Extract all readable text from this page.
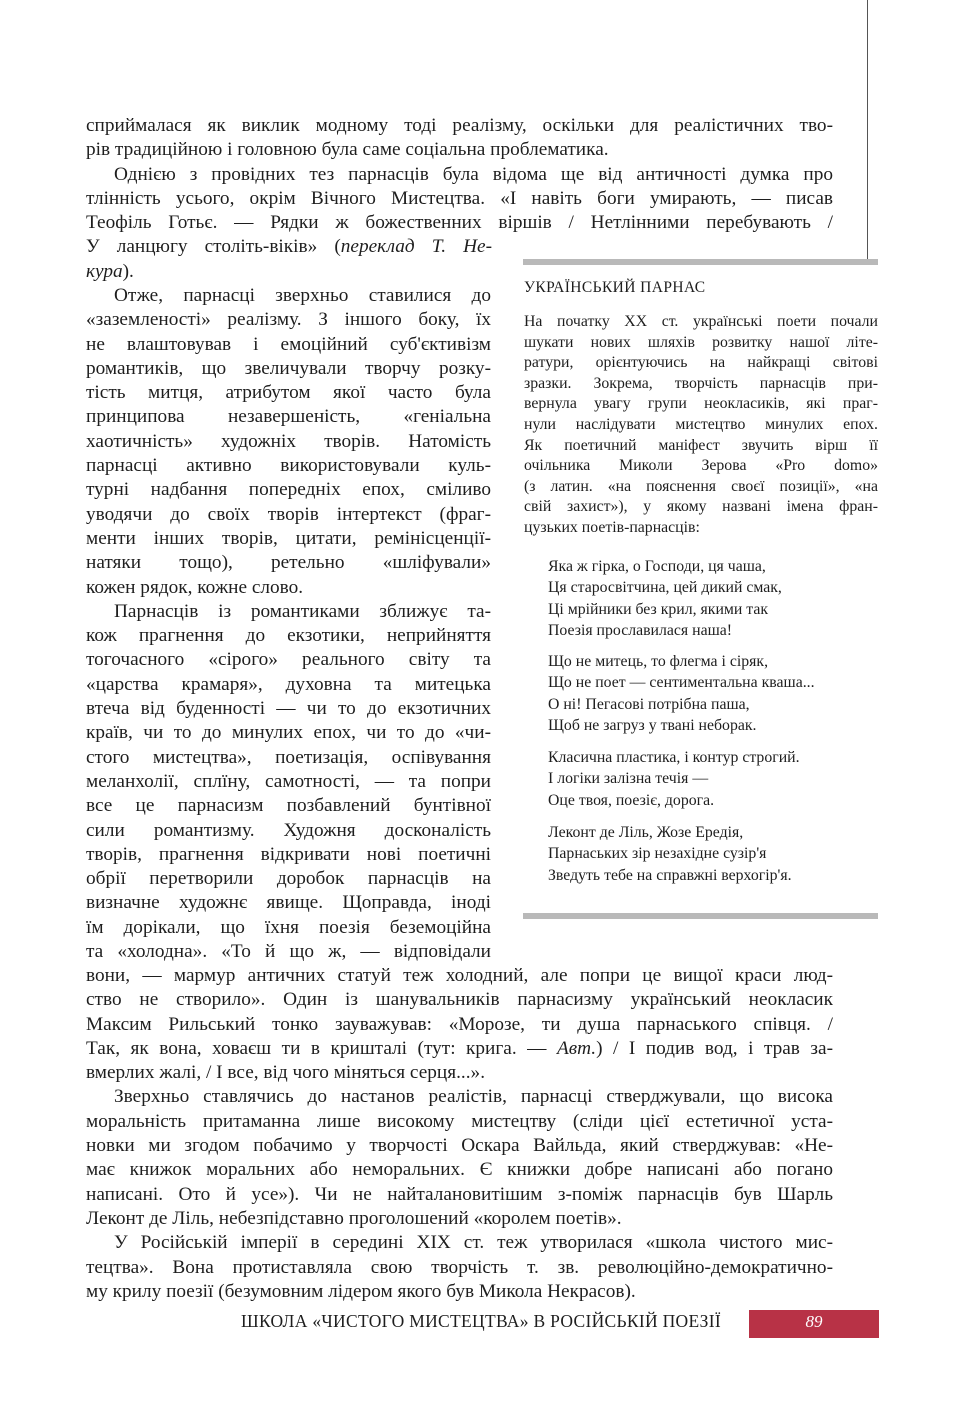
сприймалася як виклик модному тоді реалізму, оскільки для реалістичних тво-
рів традиційною і головною була саме соціальна проблематика.
Однією з провідних тез парнасців була відома ще від античності думка про
тлінність усього, окрім Вічного Мистецтва. «І навіть боги умирають, — писав
Теофіль Готьє. — Рядки ж божественних віршів / Нетлінними перебувають /
У ланцюгу століть-віків» (переклад Т. Не-
кура).
Отже, парнасці зверхньо ставилися до
«заземленості» реалізму. З іншого боку, їх
не влаштовував і емоційний суб'єктивізм
романтиків, що звеличували творчу розку-
тість митця, атрибутом якої часто була
принципова незавершеність, «геніальна
хаотичність» художніх творів. Натомість
парнасці активно використовували куль-
турні надбання попередніх епох, сміливо
уводячи до своїх творів інтертекст (фраг-
менти інших творів, цитати, ремінісценції-
натяки тощо), ретельно «шліфували»
кожен рядок, кожне слово.
Парнасців із романтиками зближує та-
кож прагнення до екзотики, неприйняття
тогочасного «сірого» реального світу та
«царства крамаря», духовна та митецька
втеча від буденності — чи то до екзотичних
країв, чи то до минулих епох, чи то до «чи-
стого мистецтва», поетизація, оспівування
меланхолії, сплїну, самотності, — та попри
все це парнасизм позбавлений бунтівної
сили романтизму. Художня досконалість
творів, прагнення відкривати нові поетичні
обрії перетворили доробок парнасців на
визначне художнє явище. Щоправда, іноді
їм дорікали, що їхня поезія беземоційна
та «холодна». «То й що ж, — відповідали
вони, — мармур античних статуй теж холодний, але попри це вищої краси люд-
ство не створило». Один із шанувальників парнасизму український неокласик
Максим Рильський тонко зауважував: «Морозе, ти душа парнаського співця. /
Так, як вона, ховаєш ти в кришталі (тут: крига. — Авт.) / І подив вод, і трав за-
вмерлих жалі, / І все, від чого міняться серця...».
Зверхньо ставлячись до настанов реалістів, парнасці стверджували, що висока
моральність притаманна лише високому мистецтву (сліди цієї естетичної уста-
новки ми згодом побачимо у творчості Оскара Вайльда, який стверджував: «Не-
має книжок моральних або неморальних. Є книжки добре написані або погано
написані. Ото й усе»). Чи не найталановитішим з-поміж парнасців був Шарль
Леконт де Ліль, небезпідставно проголошений «королем поетів».
У Російській імперії в середині XIX ст. теж утворилася «школа чистого мис-
тецтва». Вона протиставляла свою творчість т. зв. революційно-демократично-
му крилу поезії (безумовним лідером якого був Микола Некрасов).

УКРАЇНСЬКИЙ ПАРНАС

На початку XX ст. українські поети почали
шукати нових шляхів розвитку нашої літе-
ратури, орієнтуючись на найкращі світові
зразки. Зокрема, творчість парнасців при-
вернула увагу групи неокласиків, які праг-
нули наслідувати мистецтво минулих епох.
Як поетичний маніфест звучить вірш її
очільника Миколи Зерова «Pro domo»
(з латин. «на пояснення своєї позиції», «на
свій захист»), у якому названі імена фран-
цузьких поетів-парнасців:
Яка ж гірка, о Господи, ця чаша,
Ця старосвітчина, цей дикий смак,
Ці мрійники без крил, якими так
Поезія прославилася наша!
Що не митець, то флегма і сіряк,
Що не поет — сентиментальна кваша...
О ні! Пегасові потрібна паша,
Щоб не загруз у твані неборак.
Класична пластика, і контур строгий.
І логіки залізна течія —
Оце твоя, поезіє, дорога.
Леконт де Ліль, Жозе Ередія,
Парнаських зір незахідне сузір'я
Зведуть тебе на справжні верхогір'я.

ШКОЛА «ЧИСТОГО МИСТЕЦТВА» В РОСІЙСЬКІЙ ПОЕЗІЇ	89
